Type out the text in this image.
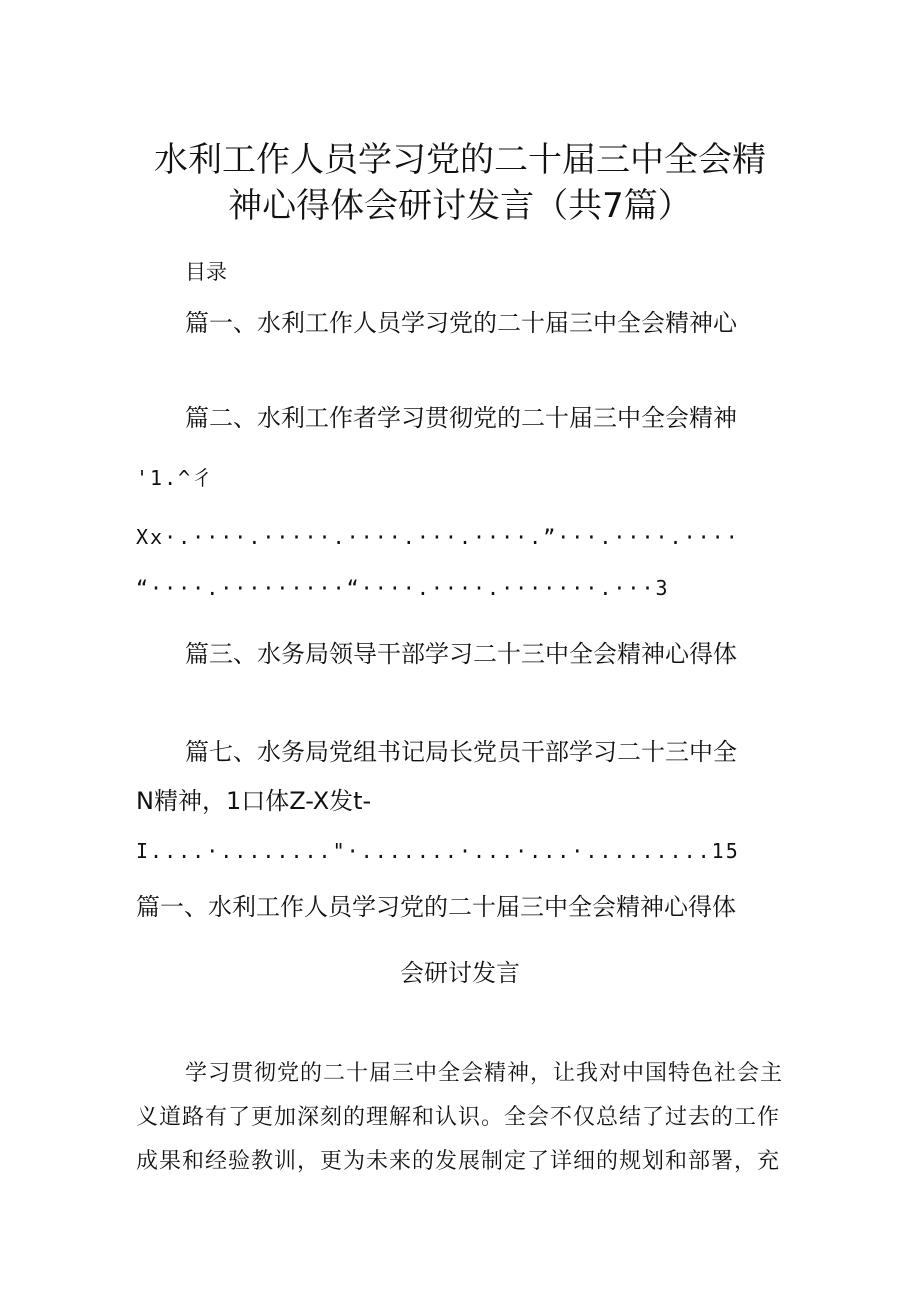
水利工作人员学习党的二十届三中全会精
神心得体会研讨发言（共7篇）
目录
篇一、水利工作人员学习党的二十届三中全会精神心
篇二、水利工作者学习贯彻党的二十届三中全会精神
'1.^彳
Xx·.····.·····.····.···.····.”···.····.····
“····.·········“····.····.·······.···3
篇三、水务局领导干部学习二十三中全会精神心得体
篇七、水务局党组书记局长党员干部学习二十三中全
N精神，1口体Z-X发t-
I....·........"·.......·...·...·.........15
篇一、水利工作人员学习党的二十届三中全会精神心得体
会研讨发言
学习贯彻党的二十届三中全会精神，让我对中国特色社会主
义道路有了更加深刻的理解和认识。全会不仅总结了过去的工作
成果和经验教训，更为未来的发展制定了详细的规划和部署，充
